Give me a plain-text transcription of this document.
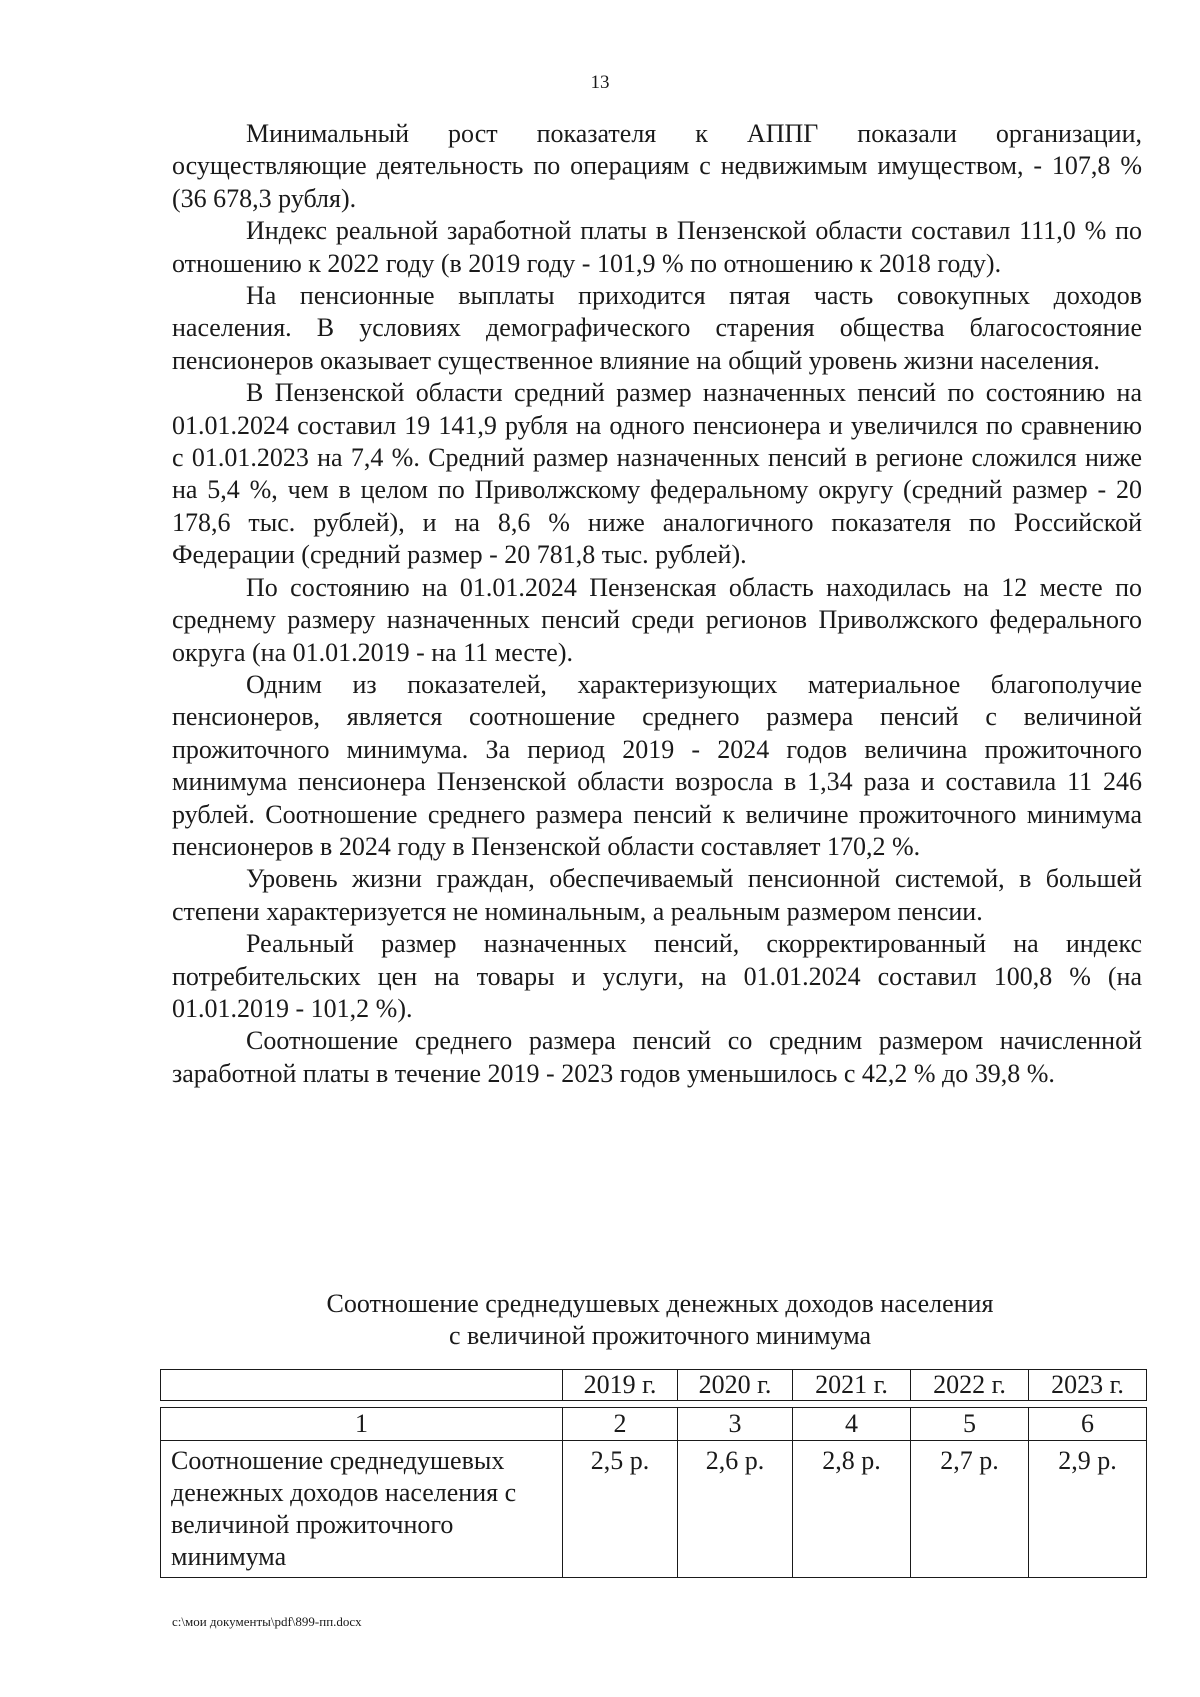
13

Минимальный рост показателя к АППГ показали организации, осуществляющие деятельность по операциям с недвижимым имуществом, - 107,8 % (36 678,3 рубля).

Индекс реальной заработной платы в Пензенской области составил 111,0 % по отношению к 2022 году (в 2019 году - 101,9 % по отношению к 2018 году).

На пенсионные выплаты приходится пятая часть совокупных доходов населения. В условиях демографического старения общества благосостояние пенсионеров оказывает существенное влияние на общий уровень жизни населения.

В Пензенской области средний размер назначенных пенсий по состоянию на 01.01.2024 составил 19 141,9 рубля на одного пенсионера и увеличился по сравнению с 01.01.2023 на 7,4 %. Средний размер назначенных пенсий в регионе сложился ниже на 5,4 %, чем в целом по Приволжскому федеральному округу (средний размер - 20 178,6 тыс. рублей), и на 8,6 % ниже аналогичного показателя по Российской Федерации (средний размер - 20 781,8 тыс. рублей).

По состоянию на 01.01.2024 Пензенская область находилась на 12 месте по среднему размеру назначенных пенсий среди регионов Приволжского федерального округа (на 01.01.2019 - на 11 месте).

Одним из показателей, характеризующих материальное благополучие пенсионеров, является соотношение среднего размера пенсий с величиной прожиточного минимума. За период 2019 - 2024 годов величина прожиточного минимума пенсионера Пензенской области возросла в 1,34 раза и составила 11 246 рублей. Соотношение среднего размера пенсий к величине прожиточного минимума пенсионеров в 2024 году в Пензенской области составляет 170,2 %.

Уровень жизни граждан, обеспечиваемый пенсионной системой, в большей степени характеризуется не номинальным, а реальным размером пенсии.

Реальный размер назначенных пенсий, скорректированный на индекс потребительских цен на товары и услуги, на 01.01.2024 составил 100,8 % (на 01.01.2019 - 101,2 %).

Соотношение среднего размера пенсий со средним размером начисленной заработной платы в течение 2019 - 2023 годов уменьшилось с 42,2 % до 39,8 %.

Соотношение среднедушевых денежных доходов населения
с величиной прожиточного минимума
	2019 г.	2020 г.	2021 г.	2022 г.	2023 г.

1	2	3	4	5	6
Соотношение среднедушевых денежных доходов населения с величиной прожиточного минимума	2,5 р.	2,6 р.	2,8 р.	2,7 р.	2,9 р.
c:\мои документы\pdf\899-пп.docx
